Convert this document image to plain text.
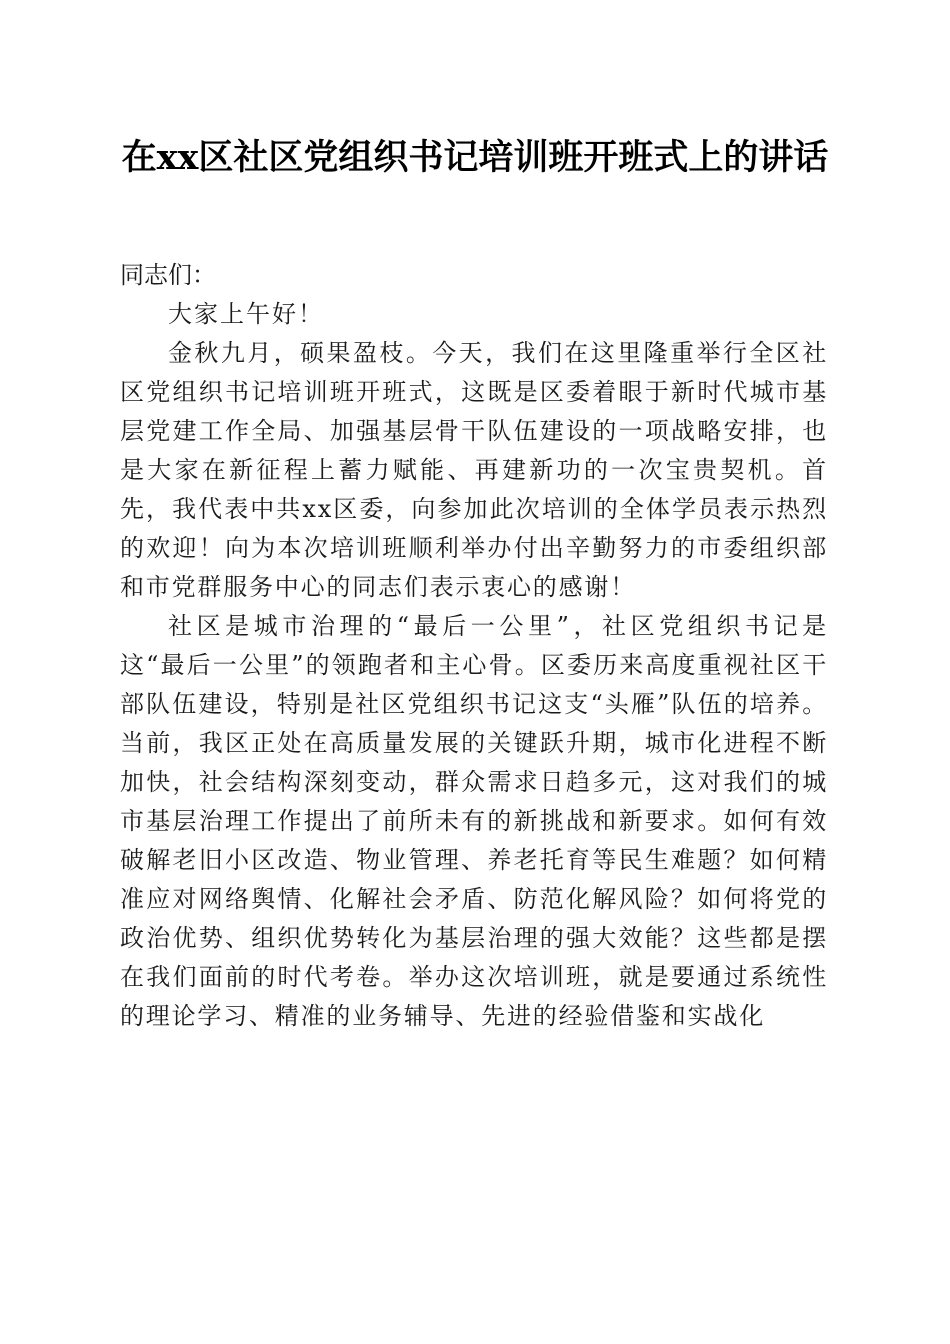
在xx区社区党组织书记培训班开班式上的讲话

同志们：

大家上午好！

金秋九月，硕果盈枝。今天，我们在这里隆重举行全区社区党组织书记培训班开班式，这既是区委着眼于新时代城市基层党建工作全局、加强基层骨干队伍建设的一项战略安排，也是大家在新征程上蓄力赋能、再建新功的一次宝贵契机。首先，我代表中共xx区委，向参加此次培训的全体学员表示热烈的欢迎！向为本次培训班顺利举办付出辛勤努力的市委组织部和市党群服务中心的同志们表示衷心的感谢！

社区是城市治理的“最后一公里”，社区党组织书记是这“最后一公里”的领跑者和主心骨。区委历来高度重视社区干部队伍建设，特别是社区党组织书记这支“头雁”队伍的培养。当前，我区正处在高质量发展的关键跃升期，城市化进程不断加快，社会结构深刻变动，群众需求日趋多元，这对我们的城市基层治理工作提出了前所未有的新挑战和新要求。如何有效破解老旧小区改造、物业管理、养老托育等民生难题？如何精准应对网络舆情、化解社会矛盾、防范化解风险？如何将党的政治优势、组织优势转化为基层治理的强大效能？这些都是摆在我们面前的时代考卷。举办这次培训班，就是要通过系统性的理论学习、精准的业务辅导、先进的经验借鉴和实战化
